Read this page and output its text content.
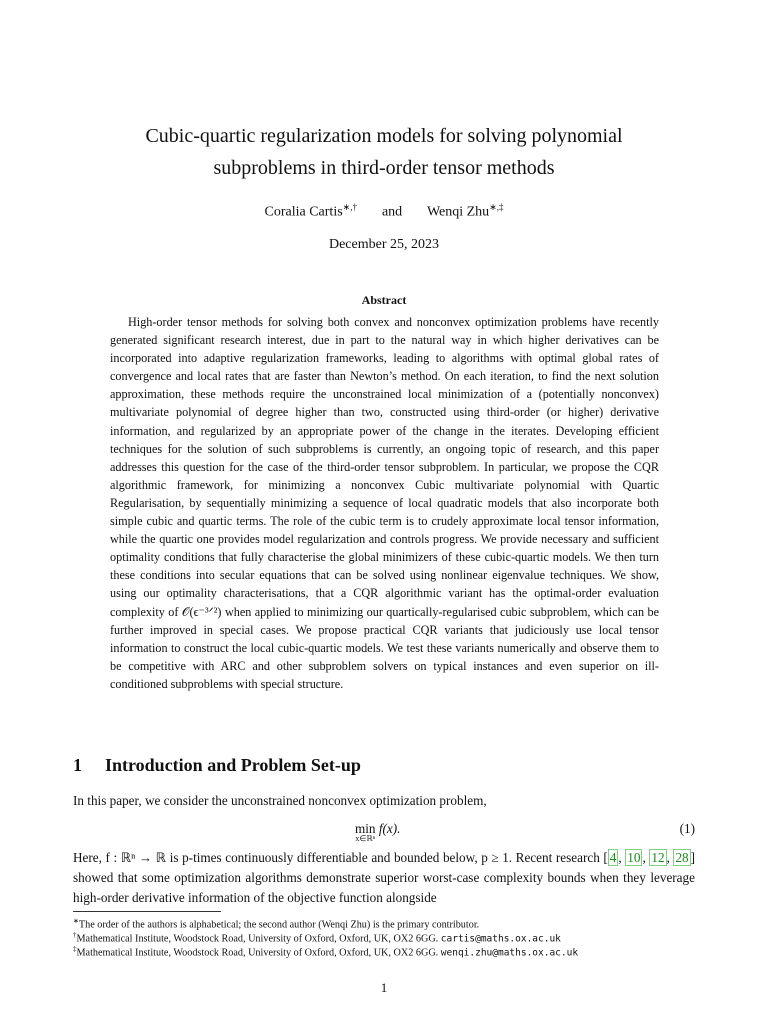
Cubic-quartic regularization models for solving polynomial
subproblems in third-order tensor methods
Coralia Cartis∗,† and Wenqi Zhu∗,‡
December 25, 2023
Abstract
High-order tensor methods for solving both convex and nonconvex optimization problems have recently generated significant research interest, due in part to the natural way in which higher derivatives can be incorporated into adaptive regularization frameworks, leading to algorithms with optimal global rates of convergence and local rates that are faster than Newton’s method. On each iteration, to find the next solution approximation, these methods require the unconstrained local minimization of a (potentially nonconvex) multivariate polynomial of degree higher than two, constructed using third-order (or higher) derivative information, and regularized by an appropriate power of the change in the iterates. Developing efficient techniques for the solution of such subproblems is currently, an ongoing topic of research, and this paper addresses this question for the case of the third-order tensor subproblem. In particular, we propose the CQR algorithmic framework, for minimizing a nonconvex Cubic multivariate polynomial with Quartic Regularisation, by sequentially minimizing a sequence of local quadratic models that also incorporate both simple cubic and quartic terms. The role of the cubic term is to crudely approximate local tensor information, while the quartic one provides model regularization and controls progress. We provide necessary and sufficient optimality conditions that fully characterise the global minimizers of these cubic-quartic models. We then turn these conditions into secular equations that can be solved using nonlinear eigenvalue techniques. We show, using our optimality characterisations, that a CQR algorithmic variant has the optimal-order evaluation complexity of 𝒪(ϵ⁻³ᐟ²) when applied to minimizing our quartically-regularised cubic subproblem, which can be further improved in special cases. We propose practical CQR variants that judiciously use local tensor information to construct the local cubic-quartic models. We test these variants numerically and observe them to be competitive with ARC and other subproblem solvers on typical instances and even superior on ill-conditioned subproblems with special structure.
1 Introduction and Problem Set-up
In this paper, we consider the unconstrained nonconvex optimization problem,
min
x∈ℝⁿ
f(x).	(1)
Here, f : ℝⁿ → ℝ is p-times continuously differentiable and bounded below, p ≥ 1. Recent research [ 4 , 10 , 12 , 28 ] showed that some optimization algorithms demonstrate superior worst-case complexity bounds when they leverage high-order derivative information of the objective function alongside
∗The order of the authors is alphabetical; the second author (Wenqi Zhu) is the primary contributor.
†Mathematical Institute, Woodstock Road, University of Oxford, Oxford, UK, OX2 6GG. cartis@maths.ox.ac.uk
‡Mathematical Institute, Woodstock Road, University of Oxford, Oxford, UK, OX2 6GG. wenqi.zhu@maths.ox.ac.uk
1
